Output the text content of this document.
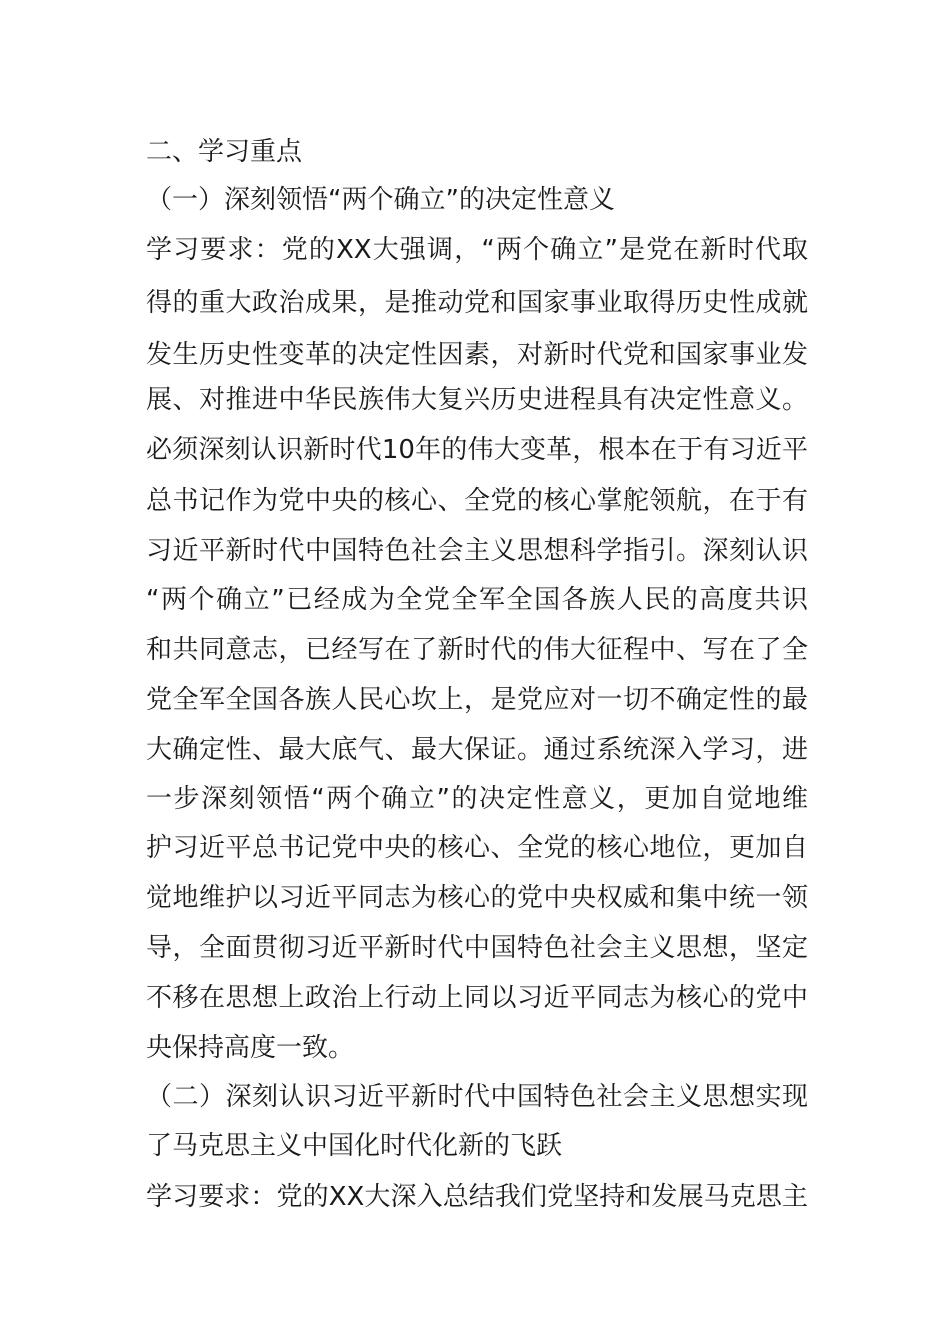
二、学习重点
（一）深刻领悟“两个确立”的决定性意义
学习要求：党的XX大强调，“两个确立”是党在新时代取
得的重大政治成果，是推动党和国家事业取得历史性成就
发生历史性变革的决定性因素，对新时代党和国家事业发
展、对推进中华民族伟大复兴历史进程具有决定性意义。
必须深刻认识新时代10年的伟大变革，根本在于有习近平
总书记作为党中央的核心、全党的核心掌舵领航，在于有
习近平新时代中国特色社会主义思想科学指引。深刻认识
“两个确立”已经成为全党全军全国各族人民的高度共识
和共同意志，已经写在了新时代的伟大征程中、写在了全
党全军全国各族人民心坎上，是党应对一切不确定性的最
大确定性、最大底气、最大保证。通过系统深入学习，进
一步深刻领悟“两个确立”的决定性意义，更加自觉地维
护习近平总书记党中央的核心、全党的核心地位，更加自
觉地维护以习近平同志为核心的党中央权威和集中统一领
导，全面贯彻习近平新时代中国特色社会主义思想，坚定
不移在思想上政治上行动上同以习近平同志为核心的党中
央保持高度一致。
（二）深刻认识习近平新时代中国特色社会主义思想实现
了马克思主义中国化时代化新的飞跃
学习要求：党的XX大深入总结我们党坚持和发展马克思主
